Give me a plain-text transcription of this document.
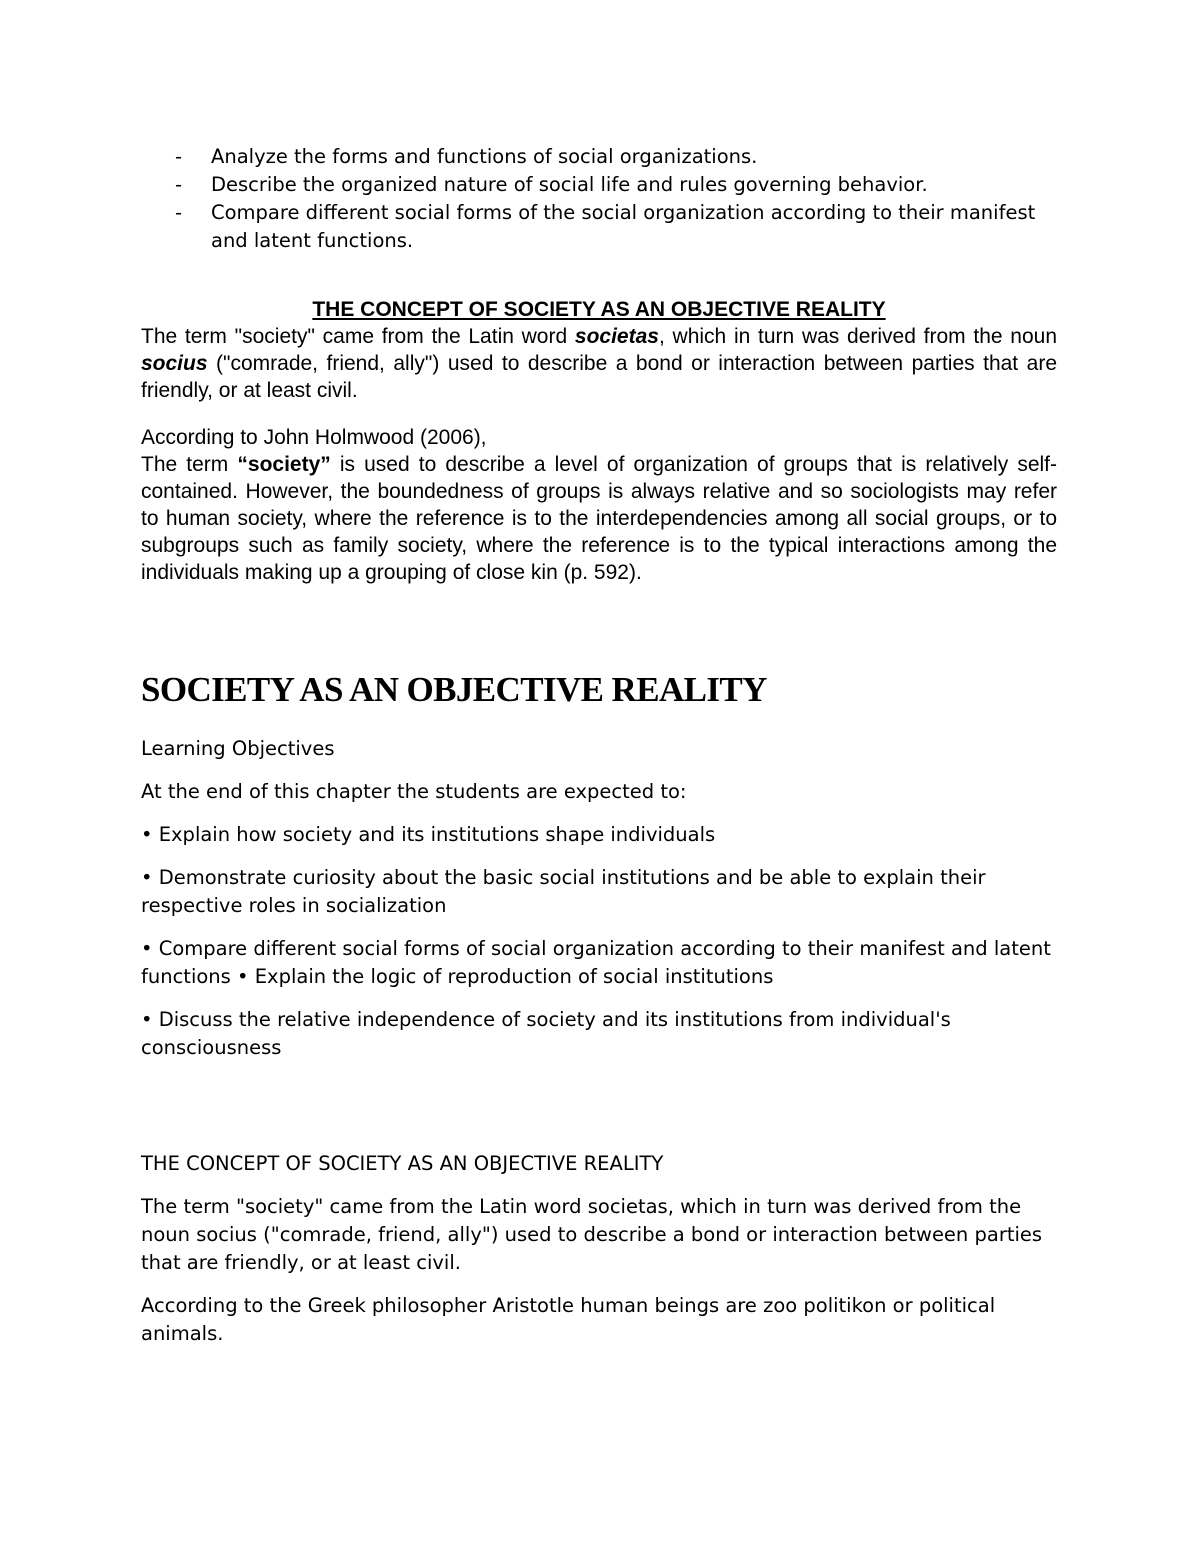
-	Analyze the forms and functions of social organizations.
-	Describe the organized nature of social life and rules governing behavior.
-	Compare different social forms of the social organization according to their manifest and latent functions.

THE CONCEPT OF SOCIETY AS AN OBJECTIVE REALITY

The term "society" came from the Latin word societas, which in turn was derived from the noun socius ("comrade, friend, ally") used to describe a bond or interaction between parties that are friendly, or at least civil.

According to John Holmwood (2006),

The term “society” is used to describe a level of organization of groups that is relatively self-contained. However, the boundedness of groups is always relative and so sociologists may refer to human society, where the reference is to the interdependencies among all social groups, or to subgroups such as family society, where the reference is to the typical interactions among the individuals making up a grouping of close kin (p. 592).

SOCIETY AS AN OBJECTIVE REALITY

Learning Objectives

At the end of this chapter the students are expected to:

• Explain how society and its institutions shape individuals

• Demonstrate curiosity about the basic social institutions and be able to explain their respective roles in socialization

• Compare different social forms of social organization according to their manifest and latent functions • Explain the logic of reproduction of social institutions

• Discuss the relative independence of society and its institutions from individual's consciousness

THE CONCEPT OF SOCIETY AS AN OBJECTIVE REALITY

The term "society" came from the Latin word societas, which in turn was derived from the noun socius ("comrade, friend, ally") used to describe a bond or interaction between parties that are friendly, or at least civil.

According to the Greek philosopher Aristotle human beings are zoo politikon or political animals.
